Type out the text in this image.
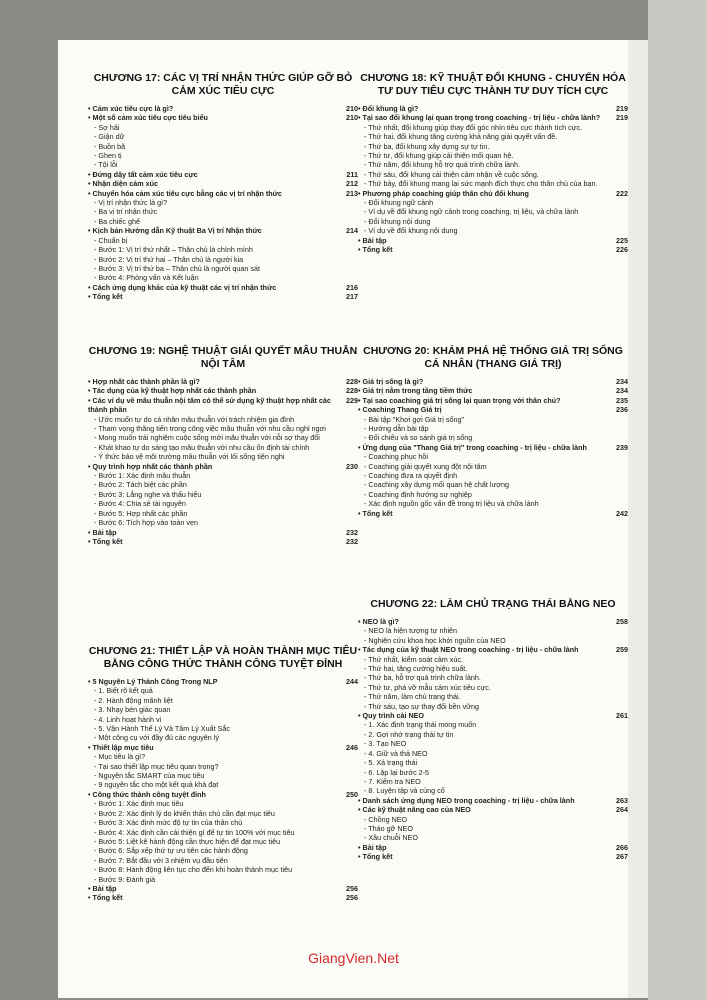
CHƯƠNG 17: CÁC VỊ TRÍ NHẬN THỨC GIÚP GỠ BỎ CẢM XÚC TIÊU CỰC
• Cảm xúc tiêu cực là gì?	210
• Một số cảm xúc tiêu cực tiêu biểu	210
- Sợ hãi
- Giận dữ
- Buồn bã
- Ghen tị
- Tội lỗi
• Đứng dậy tất cảm xúc tiêu cực	211
• Nhận diện cảm xúc	212
• Chuyển hóa cảm xúc tiêu cực bằng các vị trí nhận thức	213
- Vị trí nhận thức là gì?
- Ba vị trí nhận thức
- Ba chiếc ghế
• Kịch bản Hướng dẫn Kỹ thuật Ba Vị trí Nhận thức	214
- Chuẩn bị
- Bước 1: Vị trí thứ nhất – Thân chủ là chính mình
- Bước 2: Vị trí thứ hai – Thân chủ là người kia
- Bước 3: Vị trí thứ ba – Thân chủ là người quan sát
- Bước 4: Phỏng vấn và Kết luận
• Cách ứng dụng khác của kỹ thuật các vị trí nhận thức	216
• Tổng kết	217
CHƯƠNG 19: NGHỆ THUẬT GIẢI QUYẾT MÂU THUẪN NỘI TÂM
• Hợp nhất các thành phần là gì?	228
• Tác dụng của kỹ thuật hợp nhất các thành phần	228
• Các ví dụ về mâu thuẫn nội tâm có thể sử dụng kỹ thuật hợp nhất các thành phần
229
- Ước muốn tự do cá nhân mâu thuẫn với trách nhiệm gia đình
- Tham vọng thăng tiến trong công việc mâu thuẫn với nhu cầu nghỉ ngơi
- Mong muốn trải nghiệm cuộc sống mới mâu thuẫn với nỗi sợ thay đổi
- Khát khao tự do sáng tạo mâu thuẫn với nhu cầu ổn định tài chính
- Ý thức bảo vệ môi trường mâu thuẫn với lối sống tiện nghi
• Quy trình hợp nhất các thành phần	230
- Bước 1: Xác định mâu thuẫn
- Bước 2: Tách biệt các phần
- Bước 3: Lắng nghe và thấu hiểu
- Bước 4: Chia sẻ tài nguyên
- Bước 5: Hợp nhất các phần
- Bước 6: Tích hợp vào toàn vẹn
• Bài tập	232
• Tổng kết	232
CHƯƠNG 21: THIẾT LẬP VÀ HOÀN THÀNH MỤC TIÊU BẰNG CÔNG THỨC THÀNH CÔNG TUYỆT ĐỈNH
• 5 Nguyên Lý Thành Công Trong NLP	244
- 1. Biết rõ kết quả
- 2. Hành động mãnh liệt
- 3. Nhạy bén giác quan
- 4. Linh hoạt hành vi
- 5. Vận Hành Thể Lý Và Tâm Lý Xuất Sắc
- Một công cụ với đầy đủ các nguyên lý
• Thiết lập mục tiêu	246
- Mục tiêu là gì?
- Tại sao thiết lập mục tiêu quan trọng?
- Nguyên tắc SMART của mục tiêu
- 9 nguyên tắc cho một kết quả khả đạt
• Công thức thành công tuyệt đỉnh	250
- Bước 1: Xác định mục tiêu
- Bước 2: Xác định lý do khiến thân chủ cần đạt mục tiêu
- Bước 3: Xác định mức độ tự tin của thân chủ
- Bước 4: Xác định cần cải thiện gì để tự tin 100% với mục tiêu
- Bước 5: Liệt kê hành động cần thực hiện để đạt mục tiêu
- Bước 6: Sắp xếp thứ tự ưu tiên các hành động
- Bước 7: Bắt đầu với 3 nhiệm vụ đầu tiên
- Bước 8: Hành động liên tục cho đến khi hoàn thành mục tiêu
- Bước 9: Đánh giá
• Bài tập	256
• Tổng kết	256
CHƯƠNG 18: KỸ THUẬT ĐỔI KHUNG - CHUYỂN HÓA TƯ DUY TIÊU CỰC THÀNH TƯ DUY TÍCH CỰC
• Đổi khung là gì?	219
• Tại sao đổi khung lại quan trọng trong coaching - trị liệu - chữa lành?	219
- Thứ nhất, đổi khung giúp thay đổi góc nhìn tiêu cực thành tích cực.
- Thứ hai, đổi khung tăng cường khả năng giải quyết vấn đề.
- Thứ ba, đổi khung xây dựng sự tự tin.
- Thứ tư, đổi khung giúp cải thiện mối quan hệ.
- Thứ năm, đổi khung hỗ trợ quá trình chữa lành.
- Thứ sáu, đổi khung cải thiện cảm nhận về cuộc sống.
- Thứ bảy, đổi khung mang lại sức mạnh đích thực cho thân chủ của bạn.
• Phương pháp coaching giúp thân chủ đổi khung	222
- Đổi khung ngữ cảnh
- Ví dụ về đổi khung ngữ cảnh trong coaching, trị liệu, và chữa lành
- Đổi khung nội dung
- Ví dụ về đổi khung nội dung
• Bài tập	225
• Tổng kết	226
CHƯƠNG 20: KHÁM PHÁ HỆ THỐNG GIÁ TRỊ SỐNG CÁ NHÂN (THANG GIÁ TRỊ)
• Giá trị sống là gì?	234
• Giá trị nằm trong tầng tiềm thức	234
• Tại sao coaching giá trị sống lại quan trọng với thân chủ?	235
• Coaching Thang Giá trị	236
- Bài tập "Khơi gợi Giá trị sống"
- Hướng dẫn bài tập
- Đối chiếu và so sánh giá trị sống
• Ứng dụng của "Thang Giá trị" trong coaching - trị liệu - chữa lành	239
- Coaching phục hồi
- Coaching giải quyết xung đột nội tâm
- Coaching đưa ra quyết định
- Coaching xây dựng mối quan hệ chất lượng
- Coaching định hướng sự nghiệp
- Xác định nguồn gốc vấn đề trong trị liệu và chữa lành
• Tổng kết	242
CHƯƠNG 22: LÀM CHỦ TRẠNG THÁI BẰNG NEO
• NEO là gì?	258
- NEO là hiện tượng tự nhiên
- Nghiên cứu khoa học khởi nguồn của NEO
• Tác dụng của kỹ thuật NEO trong coaching - trị liệu - chữa lành	259
- Thứ nhất, kiểm soát cảm xúc.
- Thứ hai, tăng cường hiệu suất.
- Thứ ba, hỗ trợ quá trình chữa lành.
- Thứ tư, phá vỡ mẫu cảm xúc tiêu cực.
- Thứ năm, làm chủ trạng thái.
- Thứ sáu, tạo sự thay đổi bền vững
• Quy trình cài NEO	261
- 1. Xác định trạng thái mong muốn
- 2. Gợi nhớ trạng thái tự tin
- 3. Tạo NEO
- 4. Giữ và thả NEO
- 5. Xả trạng thái
- 6. Lặp lại bước 2-5
- 7. Kiểm tra NEO
- 8. Luyện tập và củng cố
• Danh sách ứng dụng NEO trong coaching - trị liệu - chữa lành	263
• Các kỹ thuật nâng cao của NEO	264
- Chồng NEO
- Tháo gỡ NEO
- Xâu chuỗi NEO
• Bài tập	266
• Tổng kết	267
GiangVien.Net
